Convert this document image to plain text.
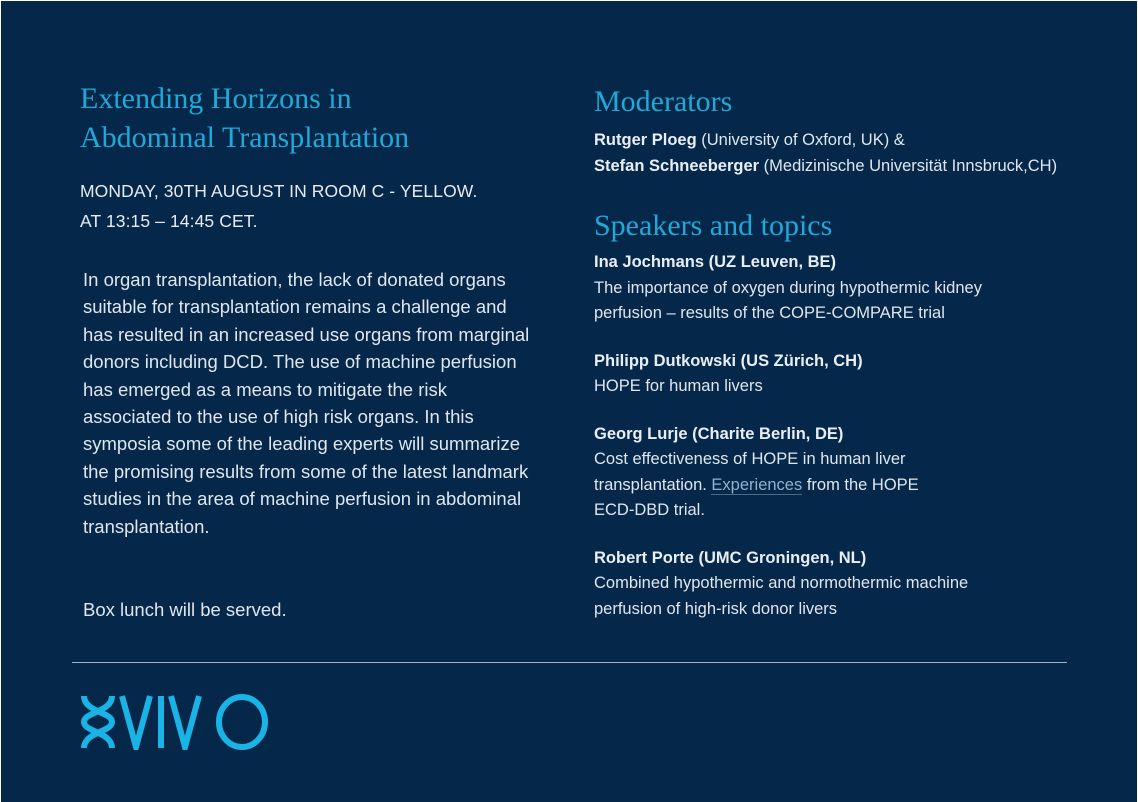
Extending Horizons in
Abdominal Transplantation

MONDAY, 30TH AUGUST IN ROOM C - YELLOW.
AT 13:15 – 14:45 CET.

In organ transplantation, the lack of donated organs suitable for transplantation remains a challenge and has resulted in an increased use organs from marginal donors including DCD. The use of machine perfusion has emerged as a means to mitigate the risk associated to the use of high risk organs. In this symposia some of the leading experts will summarize the promising results from some of the latest landmark studies in the area of machine perfusion in abdominal transplantation.

Box lunch will be served.

Moderators
Rutger Ploeg (University of Oxford, UK) &
Stefan Schneeberger (Medizinische Universität Innsbruck,CH)
Speakers and topics
Ina Jochmans (UZ Leuven, BE)
The importance of oxygen during hypothermic kidney
perfusion – results of the COPE-COMPARE trial
Philipp Dutkowski (US Zürich, CH)
HOPE for human livers
Georg Lurje (Charite Berlin, DE)
Cost effectiveness of HOPE in human liver
transplantation. Experiences from the HOPE
ECD-DBD trial.
Robert Porte (UMC Groningen, NL)
Combined hypothermic and normothermic machine
perfusion of high-risk donor livers
